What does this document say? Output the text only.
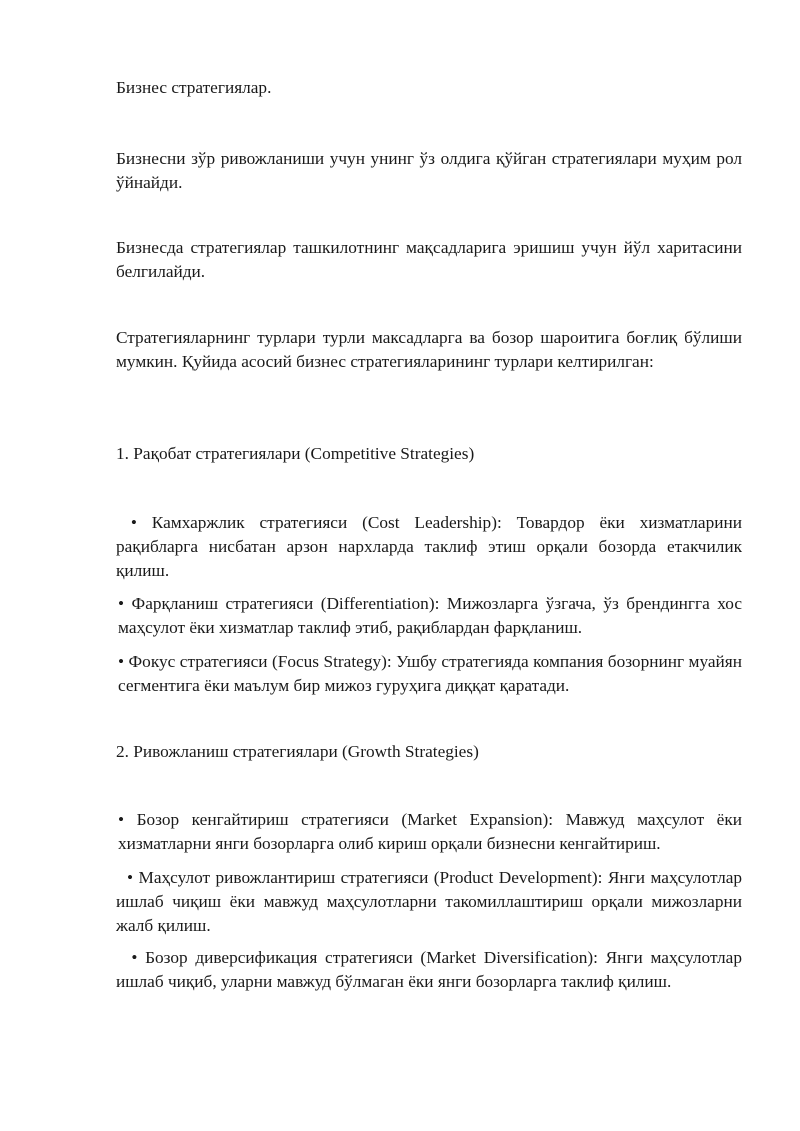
Бизнес стратегиялар.

Бизнесни зўр ривожланиши учун унинг ўз олдига қўйган стратегиялари муҳим рол ўйнайди.

Бизнесда стратегиялар ташкилотнинг мақсадларига эришиш учун йўл харитасини белгилайди.

Стратегияларнинг турлари турли максадларга ва бозор шароитига боғлиқ бўлиши мумкин. Қуйида асосий бизнес стратегияларининг турлари келтирилган:

1. Рақобат стратегиялари (Competitive Strategies)

• Камхаржлик стратегияси (Cost Leadership): Товардор ёки хизматларини рақибларга нисбатан арзон нархларда таклиф этиш орқали бозорда етакчилик қилиш.

• Фарқланиш стратегияси (Differentiation): Мижозларга ўзгача, ўз брендингга хос маҳсулот ёки хизматлар таклиф этиб, рақиблардан фарқланиш.

• Фокус стратегияси (Focus Strategy): Ушбу стратегияда компания бозорнинг муайян сегментига ёки маълум бир мижоз гуруҳига диққат қаратади.

2. Ривожланиш стратегиялари (Growth Strategies)

• Бозор кенгайтириш стратегияси (Market Expansion): Мавжуд маҳсулот ёки хизматларни янги бозорларга олиб кириш орқали бизнесни кенгайтириш.

• Маҳсулот ривожлантириш стратегияси (Product Development): Янги маҳсулотлар ишлаб чиқиш ёки мавжуд маҳсулотларни такомиллаштириш орқали мижозларни жалб қилиш.

• Бозор диверсификация стратегияси (Market Diversification): Янги маҳсулотлар ишлаб чиқиб, уларни мавжуд бўлмаган ёки янги бозорларга таклиф қилиш.
